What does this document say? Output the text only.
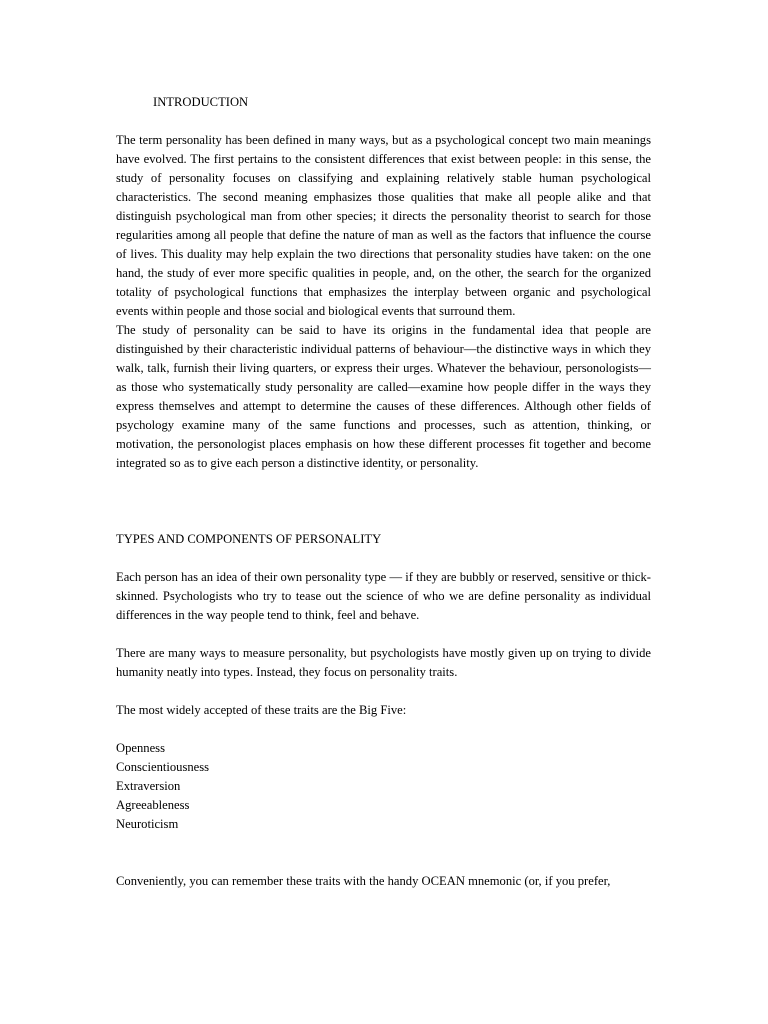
INTRODUCTION

The term personality has been defined in many ways, but as a psychological concept two main meanings have evolved. The first pertains to the consistent differences that exist between people: in this sense, the study of personality focuses on classifying and explaining relatively stable human psychological characteristics. The second meaning emphasizes those qualities that make all people alike and that distinguish psychological man from other species; it directs the personality theorist to search for those regularities among all people that define the nature of man as well as the factors that influence the course of lives. This duality may help explain the two directions that personality studies have taken: on the one hand, the study of ever more specific qualities in people, and, on the other, the search for the organized totality of psychological functions that emphasizes the interplay between organic and psychological events within people and those social and biological events that surround them.

The study of personality can be said to have its origins in the fundamental idea that people are distinguished by their characteristic individual patterns of behaviour—the distinctive ways in which they walk, talk, furnish their living quarters, or express their urges. Whatever the behaviour, personologists—as those who systematically study personality are called—examine how people differ in the ways they express themselves and attempt to determine the causes of these differences. Although other fields of psychology examine many of the same functions and processes, such as attention, thinking, or motivation, the personologist places emphasis on how these different processes fit together and become integrated so as to give each person a distinctive identity, or personality.

TYPES AND COMPONENTS OF PERSONALITY

Each person has an idea of their own personality type — if they are bubbly or reserved, sensitive or thick-skinned. Psychologists who try to tease out the science of who we are define personality as individual differences in the way people tend to think, feel and behave.

There are many ways to measure personality, but psychologists have mostly given up on trying to divide humanity neatly into types. Instead, they focus on personality traits.

The most widely accepted of these traits are the Big Five:

Openness
Conscientiousness
Extraversion
Agreeableness
Neuroticism

Conveniently, you can remember these traits with the handy OCEAN mnemonic (or, if you prefer,
